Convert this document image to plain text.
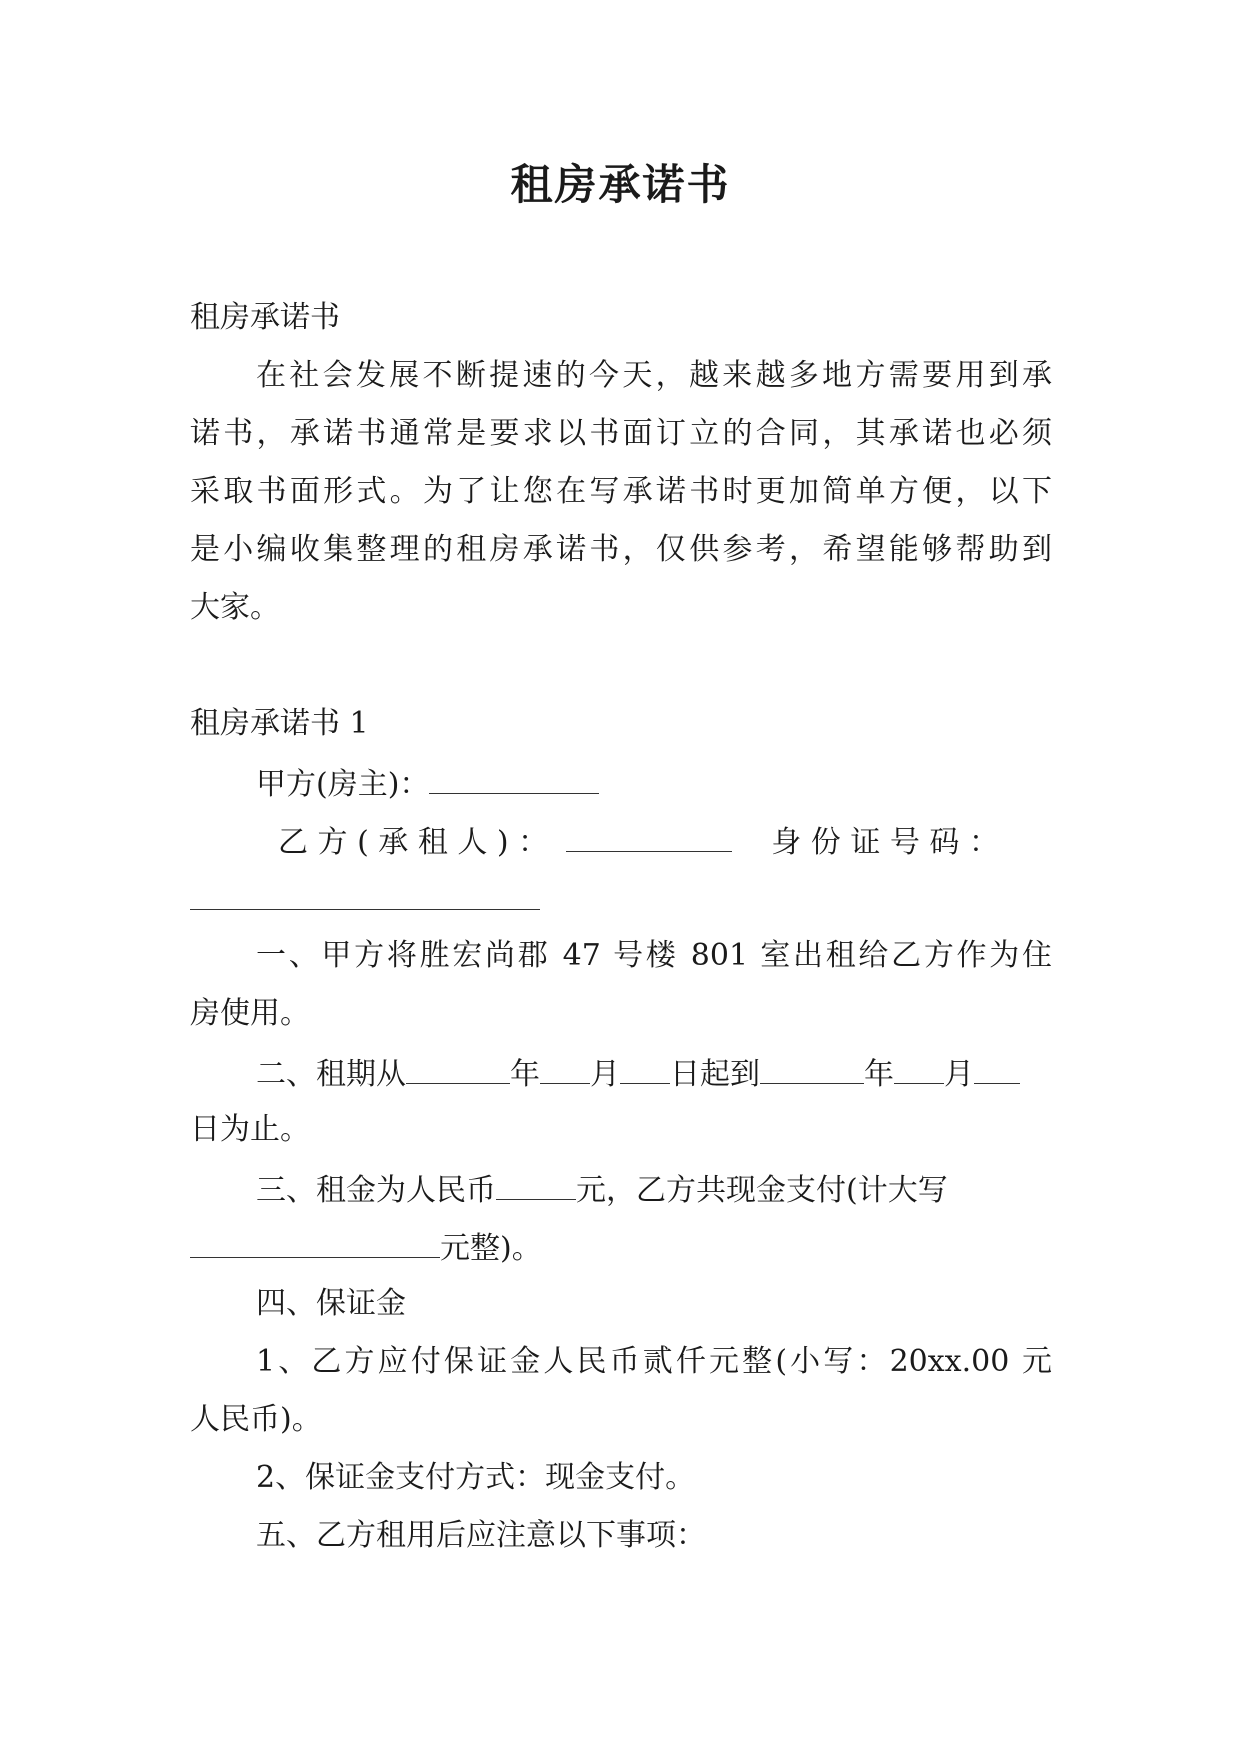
租房承诺书
租房承诺书
在社会发展不断提速的今天，越来越多地方需要用到承
诺书，承诺书通常是要求以书面订立的合同，其承诺也必须
采取书面形式。为了让您在写承诺书时更加简单方便，以下
是小编收集整理的租房承诺书，仅供参考，希望能够帮助到
大家。
租房承诺书 1
甲方(房主)：
乙 方 ( 承 租 人 ) ：	身 份 证 号 码 ：
一、甲方将胜宏尚郡 47 号楼 801 室出租给乙方作为住
房使用。
二、租期从	年 月 日起到	年 月
日为止。
三、租金为人民币	元，乙方共现金支付(计大写
元整)。
四、保证金
1、乙方应付保证金人民币贰仟元整(小写：20xx.00 元
人民币)。
2、保证金支付方式：现金支付。
五、乙方租用后应注意以下事项：
